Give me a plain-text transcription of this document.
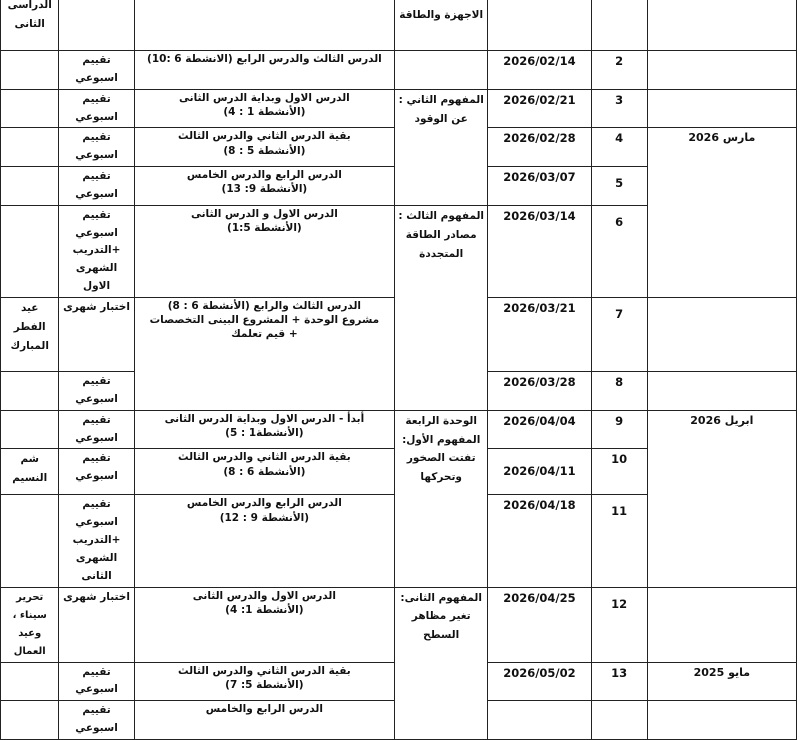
			الاجهزة والطاقة			الدراسى
الثانى

	2	2026/02/14		الدرس الثالث والدرس الرابع (الانشطة 6 :10)	تقييم اسبوعي	

	3	2026/02/21	المفهوم الثاني :
عن الوقود	الدرس الاول وبداية الدرس الثانى
(الأنشطة 1 : 4)	تقييم اسبوعي	

مارس 2026	4	2026/02/28		بقية الدرس الثاني والدرس الثالث
(الأنشطة 5 : 8)	تقييم اسبوعي	

	5	2026/03/07		الدرس الرابع والدرس الخامس
(الأنشطة 9: 13)	تقييم اسبوعي	

	6	2026/03/14	المفهوم الثالث :
مصادر الطاقة
المتجددة	الدرس الاول و الدرس الثانى
(الأنشطة 1:5)	تقييم اسبوعي
+التدريب
الشهرى الاول	

	7	2026/03/21		الدرس الثالث والرابع (الأنشطة 6 : 8)
مشروع الوحدة + المشروع البينى التخصصات
+ قيم تعلمك	اختبار شهرى	عيد
الفطر
المبارك

	8	2026/03/28			تقييم اسبوعي	

ابريل 2026	9	2026/04/04	الوحدة الرابعة
المفهوم الأول:
تفتت الصخور
وتحركها	أبدأ - الدرس الاول وبداية الدرس الثانى
(الأنشطة1 : 5)	تقييم اسبوعي	

	10	2026/04/11		بقية الدرس الثاني والدرس الثالث
(الأنشطة 6 : 8)	تقييم اسبوعي	شم
النسيم

	11	2026/04/18		الدرس الرابع والدرس الخامس
(الأنشطة 9 : 12)	تقييم اسبوعي
+التدريب
الشهرى الثانى	

	12	2026/04/25	المفهوم الثانى:
تغير مظاهر
السطح	الدرس الاول والدرس الثانى
(الأنشطة 1: 4)	اختبار شهرى	تحرير
سيناء ،
وعيد
العمال

مايو 2025	13	2026/05/02		بقية الدرس الثاني والدرس الثالث
(الأنشطة 5: 7)	تقييم اسبوعي	

				الدرس الرابع والخامس	تقييم اسبوعي	
